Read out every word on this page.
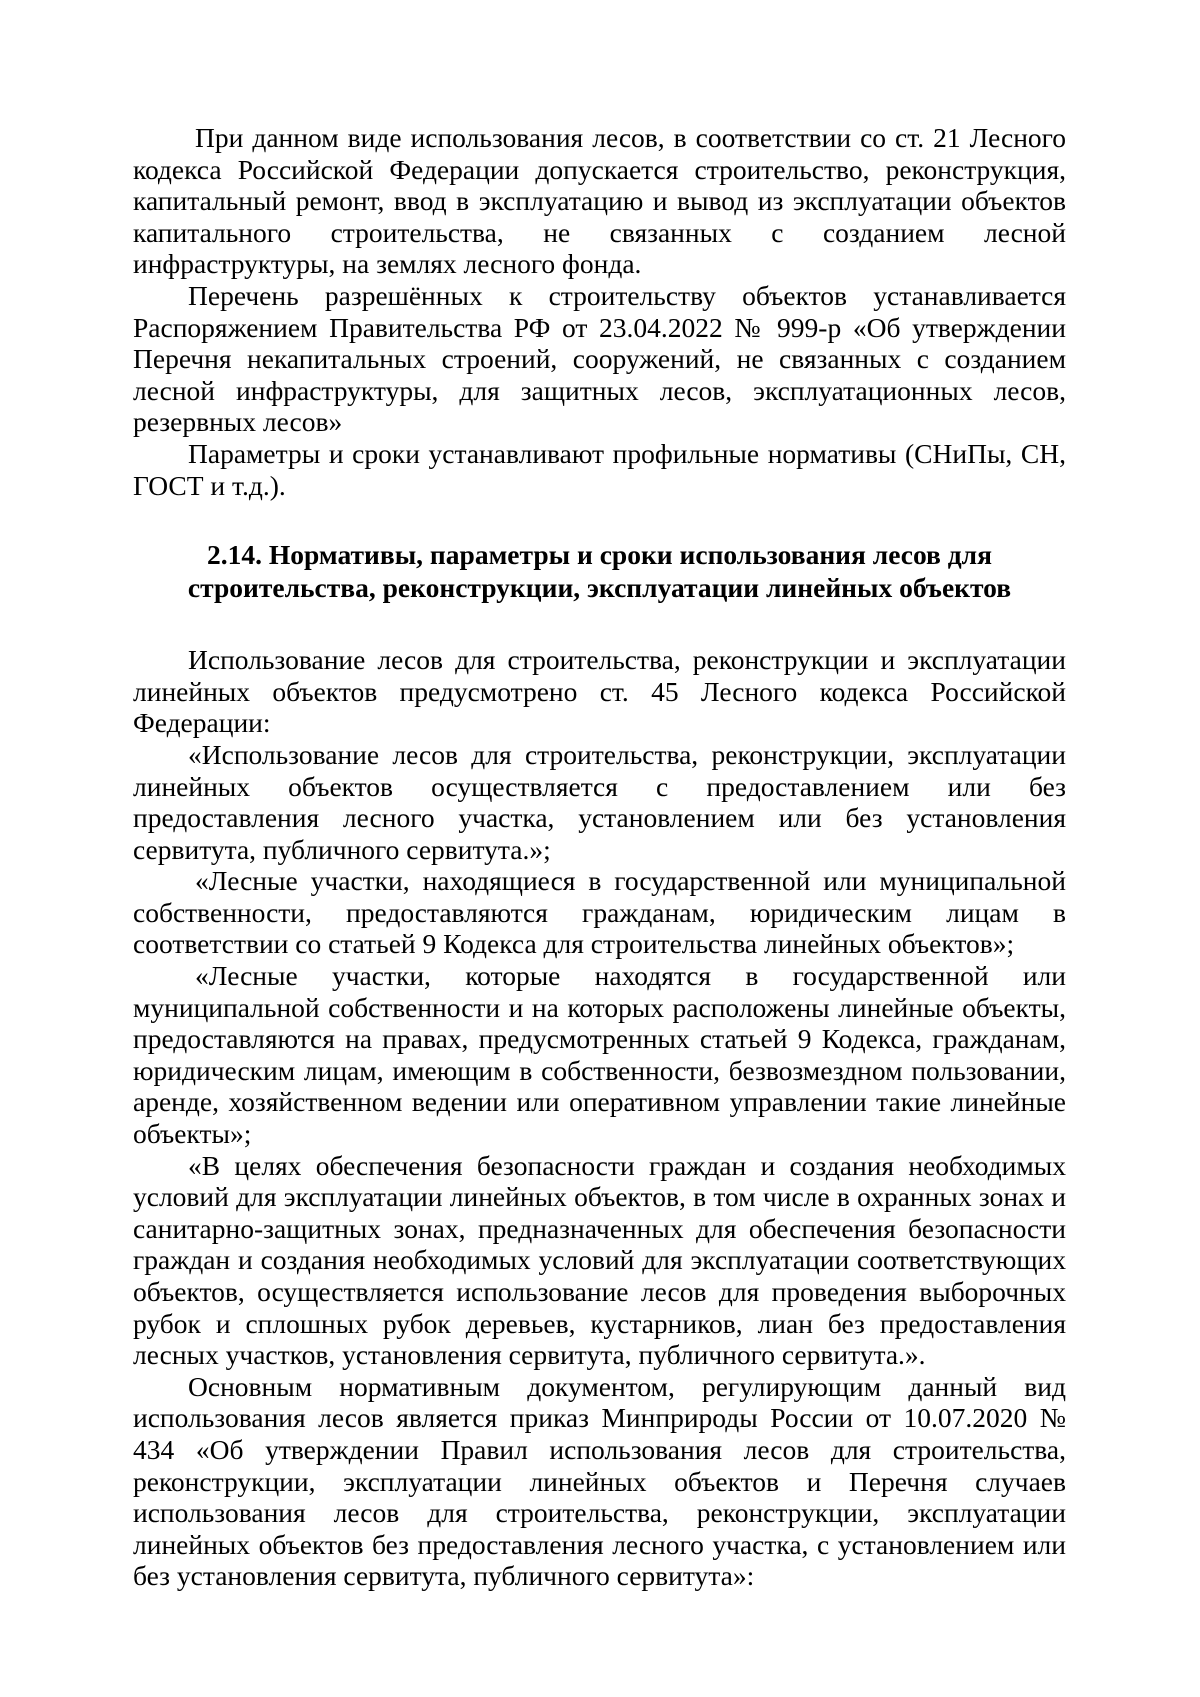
При данном виде использования лесов, в соответствии со ст. 21 Лесного кодекса Российской Федерации допускается строительство, реконструкция, капитальный ремонт, ввод в эксплуатацию и вывод из эксплуатации объектов капитального строительства, не связанных с созданием лесной инфраструктуры, на землях лесного фонда.

Перечень разрешённых к строительству объектов устанавливается Распоряжением Правительства РФ от 23.04.2022 № 999-р «Об утверждении Перечня некапитальных строений, сооружений, не связанных с созданием лесной инфраструктуры, для защитных лесов, эксплуатационных лесов, резервных лесов»

Параметры и сроки устанавливают профильные нормативы (СНиПы, СН, ГОСТ и т.д.).

2.14. Нормативы, параметры и сроки использования лесов для
строительства, реконструкции, эксплуатации линейных объектов

Использование лесов для строительства, реконструкции и эксплуатации линейных объектов предусмотрено ст. 45 Лесного кодекса Российской Федерации:

«Использование лесов для строительства, реконструкции, эксплуатации линейных объектов осуществляется с предоставлением или без предоставления лесного участка, установлением или без установления сервитута, публичного сервитута.»;

«Лесные участки, находящиеся в государственной или муниципальной собственности, предоставляются гражданам, юридическим лицам в соответствии со статьей 9 Кодекса для строительства линейных объектов»;

«Лесные участки, которые находятся в государственной или муниципальной собственности и на которых расположены линейные объекты, предоставляются на правах, предусмотренных статьей 9 Кодекса, гражданам, юридическим лицам, имеющим в собственности, безвозмездном пользовании, аренде, хозяйственном ведении или оперативном управлении такие линейные объекты»;

«В целях обеспечения безопасности граждан и создания необходимых условий для эксплуатации линейных объектов, в том числе в охранных зонах и санитарно-защитных зонах, предназначенных для обеспечения безопасности граждан и создания необходимых условий для эксплуатации соответствующих объектов, осуществляется использование лесов для проведения выборочных рубок и сплошных рубок деревьев, кустарников, лиан без предоставления лесных участков, установления сервитута, публичного сервитута.».

Основным нормативным документом, регулирующим данный вид использования лесов является приказ Минприроды России от 10.07.2020 № 434 «Об утверждении Правил использования лесов для строительства, реконструкции, эксплуатации линейных объектов и Перечня случаев использования лесов для строительства, реконструкции, эксплуатации линейных объектов без предоставления лесного участка, с установлением или без установления сервитута, публичного сервитута»:
